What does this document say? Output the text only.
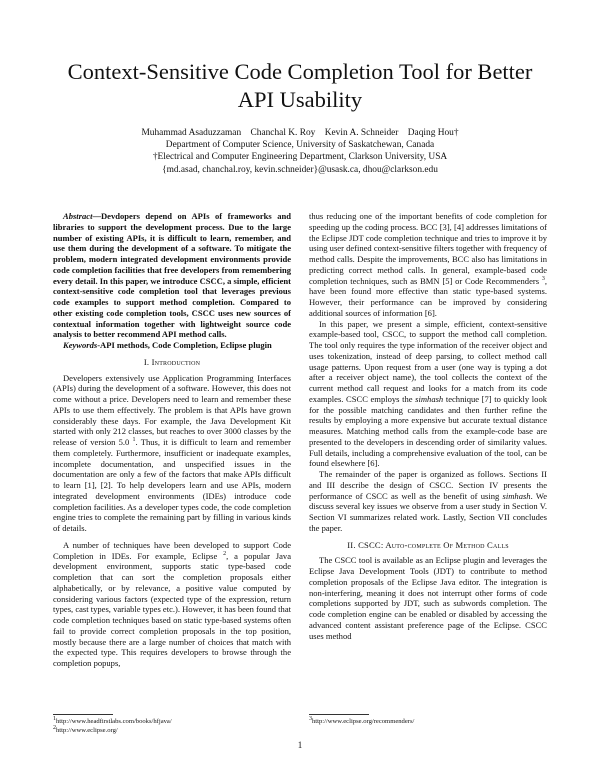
Context-Sensitive Code Completion Tool for Better
API Usability
Muhammad Asaduzzaman    Chanchal K. Roy    Kevin A. Schneider    Daqing Hou†
Department of Computer Science, University of Saskatchewan, Canada
†Electrical and Computer Engineering Department, Clarkson University, USA
{md.asad, chanchal.roy, kevin.schneider}@usask.ca, dhou@clarkson.edu

Abstract—Devdopers depend on APIs of frameworks and libraries to support the development process. Due to the large number of existing APIs, it is difficult to learn, remember, and use them during the development of a software. To mitigate the problem, modern integrated development environments provide code completion facilities that free developers from remembering every detail. In this paper, we introduce CSCC, a simple, efficient context-sensitive code completion tool that leverages previous code examples to support method completion. Compared to other existing code completion tools, CSCC uses new sources of contextual information together with lightweight source code analysis to better recommend API method calls.

Keywords-API methods, Code Completion, Eclipse plugin

I. Introduction

Developers extensively use Application Programming Interfaces (APIs) during the development of a software. However, this does not come without a price. Developers need to learn and remember these APIs to use them effectively. The problem is that APIs have grown considerably these days. For example, the Java Development Kit started with only 212 classes, but reaches to over 3000 classes by the release of version 5.0 $^1$. Thus, it is difficult to learn and remember them completely. Furthermore, insufficient or inadequate examples, incomplete documentation, and unspecified issues in the documentation are only a few of the factors that make APIs difficult to learn [1], [2]. To help developers learn and use APIs, modern integrated development environments (IDEs) introduce code completion facilities. As a developer types code, the code completion engine tries to complete the remaining part by filling in various kinds of details.

A number of techniques have been developed to support Code Completion in IDEs. For example, Eclipse $^2$, a popular Java development environment, supports static type-based code completion that can sort the completion proposals either alphabetically, or by relevance, a positive value computed by considering various factors (expected type of the expression, return types, cast types, variable types etc.). However, it has been found that code completion techniques based on static type-based systems often fail to provide correct completion proposals in the top position, mostly because there are a large number of choices that match with the expected type. This requires developers to browse through the completion popups,

$^1$http://www.headfirstlabs.com/books/hfjava/
$^2$http://www.eclipse.org/

thus reducing one of the important benefits of code completion for speeding up the coding process. BCC [3], [4] addresses limitations of the Eclipse JDT code completion technique and tries to improve it by using user defined context-sensitive filters together with frequency of method calls. Despite the improvements, BCC also has limitations in predicting correct method calls. In general, example-based code completion techniques, such as BMN [5] or Code Recommenders $^3$, have been found more effective than static type-based systems. However, their performance can be improved by considering additional sources of information [6].

In this paper, we present a simple, efficient, context-sensitive example-based tool, CSCC, to support the method call completion. The tool only requires the type information of the receiver object and uses tokenization, instead of deep parsing, to collect method call usage patterns. Upon request from a user (one way is typing a dot after a receiver object name), the tool collects the context of the current method call request and looks for a match from its code examples. CSCC employs the simhash technique [7] to quickly look for the possible matching candidates and then further refine the results by employing a more expensive but accurate textual distance measures. Matching method calls from the example-code base are presented to the developers in descending order of similarity values. Full details, including a comprehensive evaluation of the tool, can be found elsewhere [6].

The remainder of the paper is organized as follows. Sections II and III describe the design of CSCC. Section IV presents the performance of CSCC as well as the benefit of using simhash. We discuss several key issues we observe from a user study in Section V. Section VI summarizes related work. Lastly, Section VII concludes the paper.

II. CSCC: Auto-complete Of Method Calls

The CSCC tool is available as an Eclipse plugin and leverages the Eclipse Java Development Tools (JDT) to contribute to method completion proposals of the Eclipse Java editor. The integration is non-interfering, meaning it does not interrupt other forms of code completions supported by JDT, such as subwords completion. The code completion engine can be enabled or disabled by accessing the advanced content assistant preference page of the Eclipse. CSCC uses method

$^3$http://www.eclipse.org/recommenders/
1
